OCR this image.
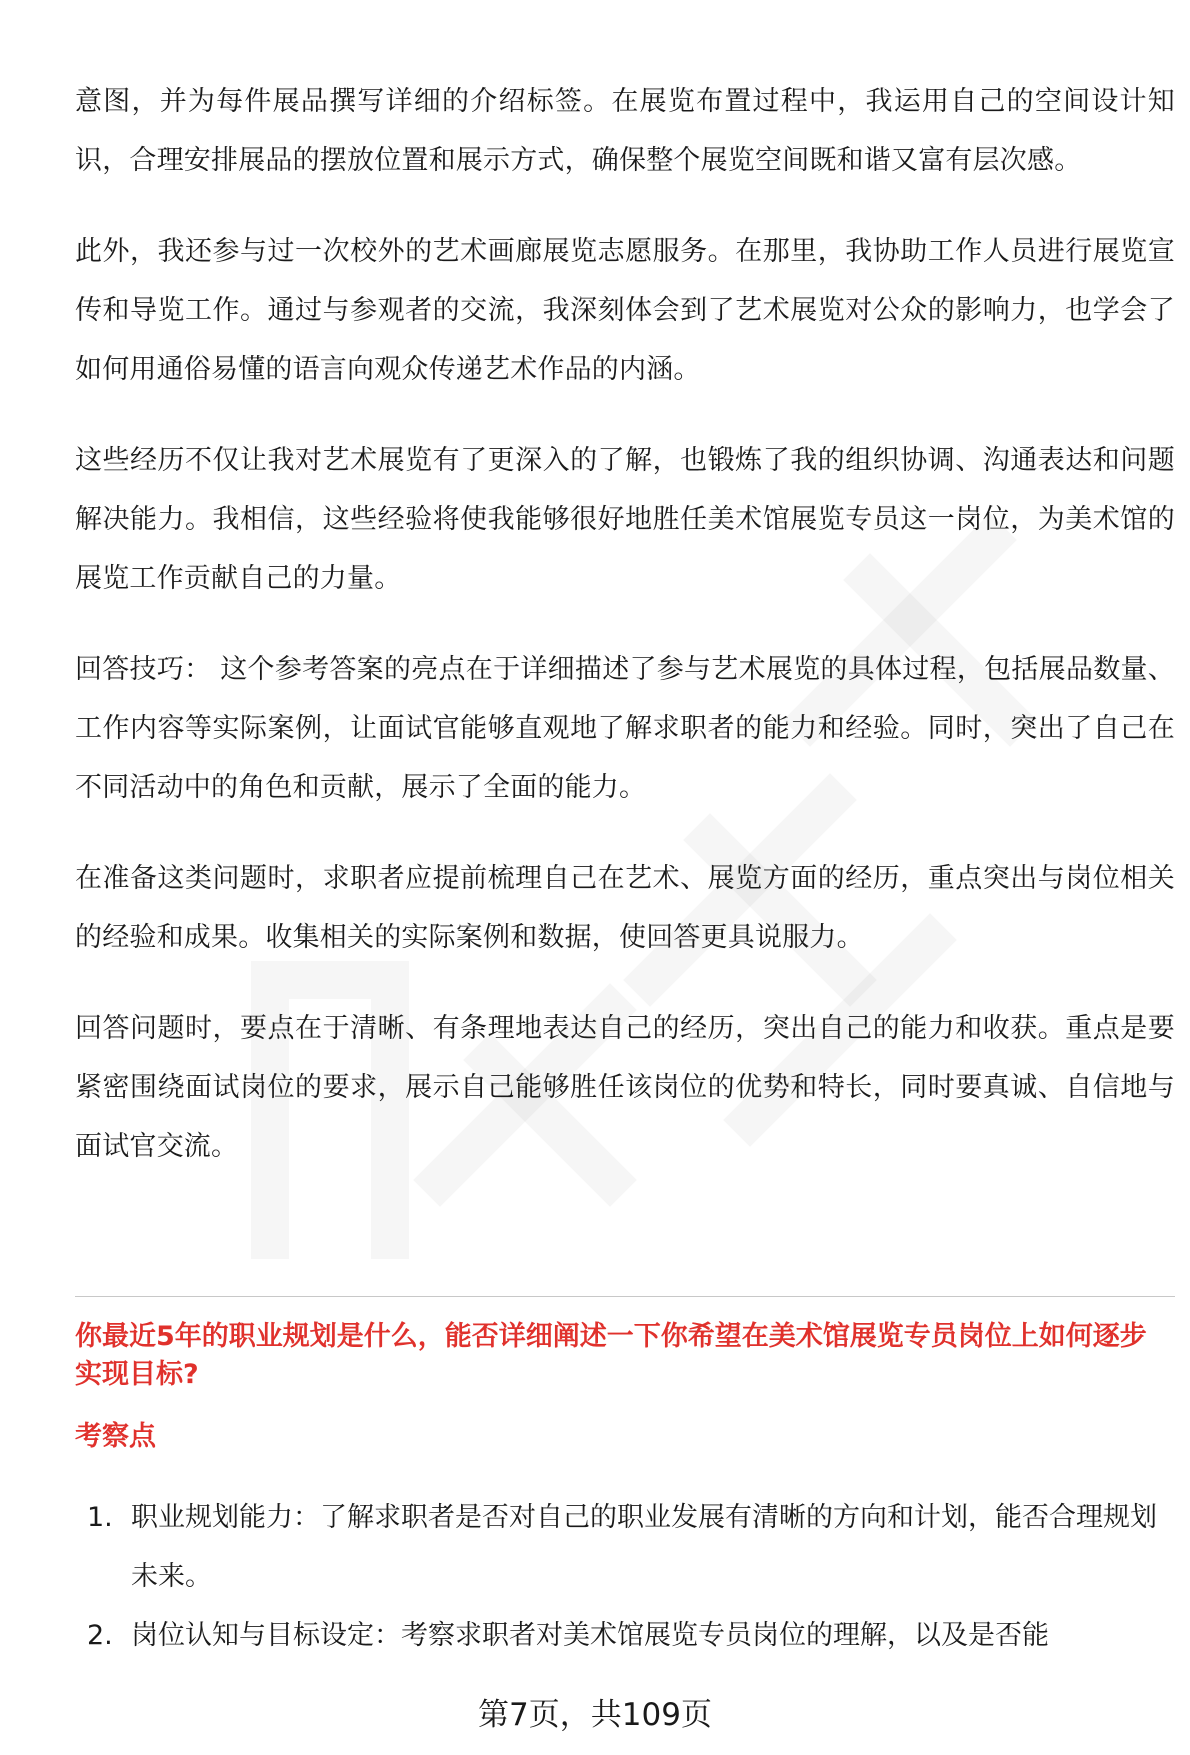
意图，并为每件展品撰写详细的介绍标签。在展览布置过程中，我运用自己的空间设计知识，合理安排展品的摆放位置和展示方式，确保整个展览空间既和谐又富有层次感。

此外，我还参与过一次校外的艺术画廊展览志愿服务。在那里，我协助工作人员进行展览宣传和导览工作。通过与参观者的交流，我深刻体会到了艺术展览对公众的影响力，也学会了如何用通俗易懂的语言向观众传递艺术作品的内涵。

这些经历不仅让我对艺术展览有了更深入的了解，也锻炼了我的组织协调、沟通表达和问题解决能力。我相信，这些经验将使我能够很好地胜任美术馆展览专员这一岗位，为美术馆的展览工作贡献自己的力量。

回答技巧： 这个参考答案的亮点在于详细描述了参与艺术展览的具体过程，包括展品数量、工作内容等实际案例，让面试官能够直观地了解求职者的能力和经验。同时，突出了自己在不同活动中的角色和贡献，展示了全面的能力。

在准备这类问题时，求职者应提前梳理自己在艺术、展览方面的经历，重点突出与岗位相关的经验和成果。收集相关的实际案例和数据，使回答更具说服力。

回答问题时，要点在于清晰、有条理地表达自己的经历，突出自己的能力和收获。重点是要紧密围绕面试岗位的要求，展示自己能够胜任该岗位的优势和特长，同时要真诚、自信地与面试官交流。

你最近5年的职业规划是什么，能否详细阐述一下你希望在美术馆展览专员岗位上如何逐步实现目标?

考察点

1. 职业规划能力：了解求职者是否对自己的职业发展有清晰的方向和计划，能否合理规划未来。
2. 岗位认知与目标设定：考察求职者对美术馆展览专员岗位的理解，以及是否能
第7页，共109页
